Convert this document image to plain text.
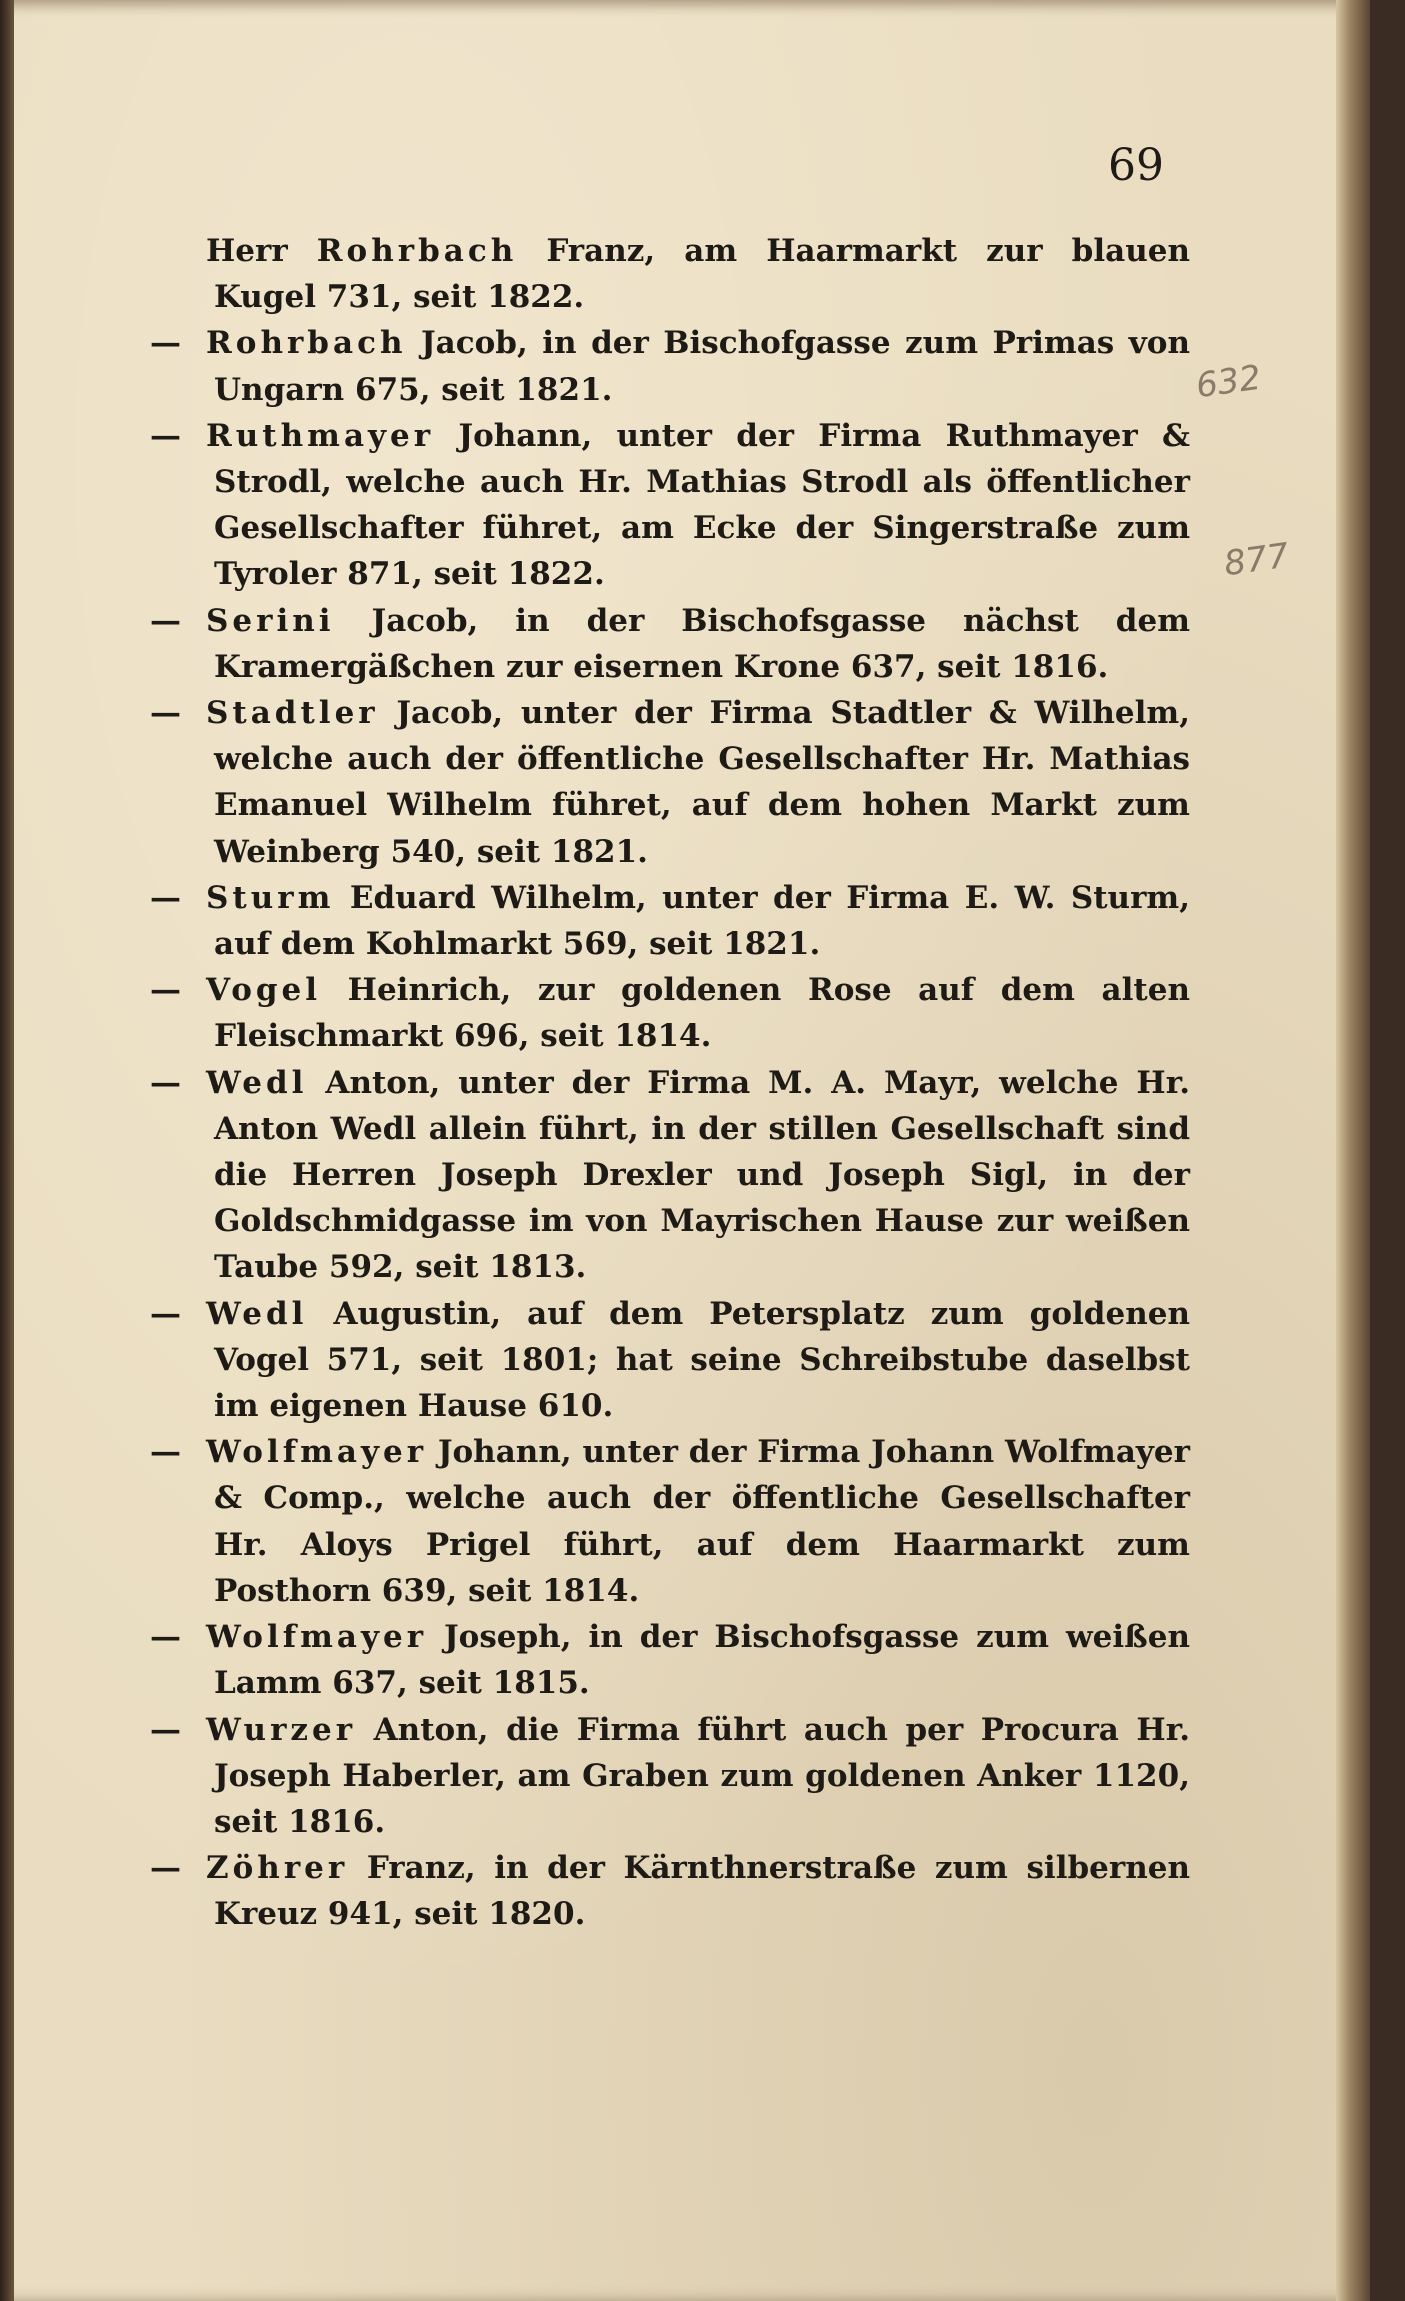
69
632
877

Herr Rohrbach Franz, am Haarmarkt zur blauen Kugel 731, seit 1822.

— Rohrbach Jacob, in der Bischofgasse zum Primas von Ungarn 675, seit 1821.

— Ruthmayer Johann, unter der Firma Ruthmayer & Strodl, welche auch Hr. Mathias Strodl als öffentlicher Gesellschafter führet, am Ecke der Singerstraße zum Tyroler 871, seit 1822.

— Serini Jacob, in der Bischofsgasse nächst dem Kramergäßchen zur eisernen Krone 637, seit 1816.

— Stadtler Jacob, unter der Firma Stadtler & Wilhelm, welche auch der öffentliche Gesellschafter Hr. Mathias Emanuel Wilhelm führet, auf dem hohen Markt zum Weinberg 540, seit 1821.

— Sturm Eduard Wilhelm, unter der Firma E. W. Sturm, auf dem Kohlmarkt 569, seit 1821.

— Vogel Heinrich, zur goldenen Rose auf dem alten Fleischmarkt 696, seit 1814.

— Wedl Anton, unter der Firma M. A. Mayr, welche Hr. Anton Wedl allein führt, in der stillen Gesellschaft sind die Herren Joseph Drexler und Joseph Sigl, in der Goldschmidgasse im von Mayrischen Hause zur weißen Taube 592, seit 1813.

— Wedl Augustin, auf dem Petersplatz zum goldenen Vogel 571, seit 1801; hat seine Schreibstube daselbst im eigenen Hause 610.

— Wolfmayer Johann, unter der Firma Johann Wolfmayer & Comp., welche auch der öffentliche Gesellschafter Hr. Aloys Prigel führt, auf dem Haarmarkt zum Posthorn 639, seit 1814.

— Wolfmayer Joseph, in der Bischofsgasse zum weißen Lamm 637, seit 1815.

— Wurzer Anton, die Firma führt auch per Procura Hr. Joseph Haberler, am Graben zum goldenen Anker 1120, seit 1816.

— Zöhrer Franz, in der Kärnthnerstraße zum silbernen Kreuz 941, seit 1820.
